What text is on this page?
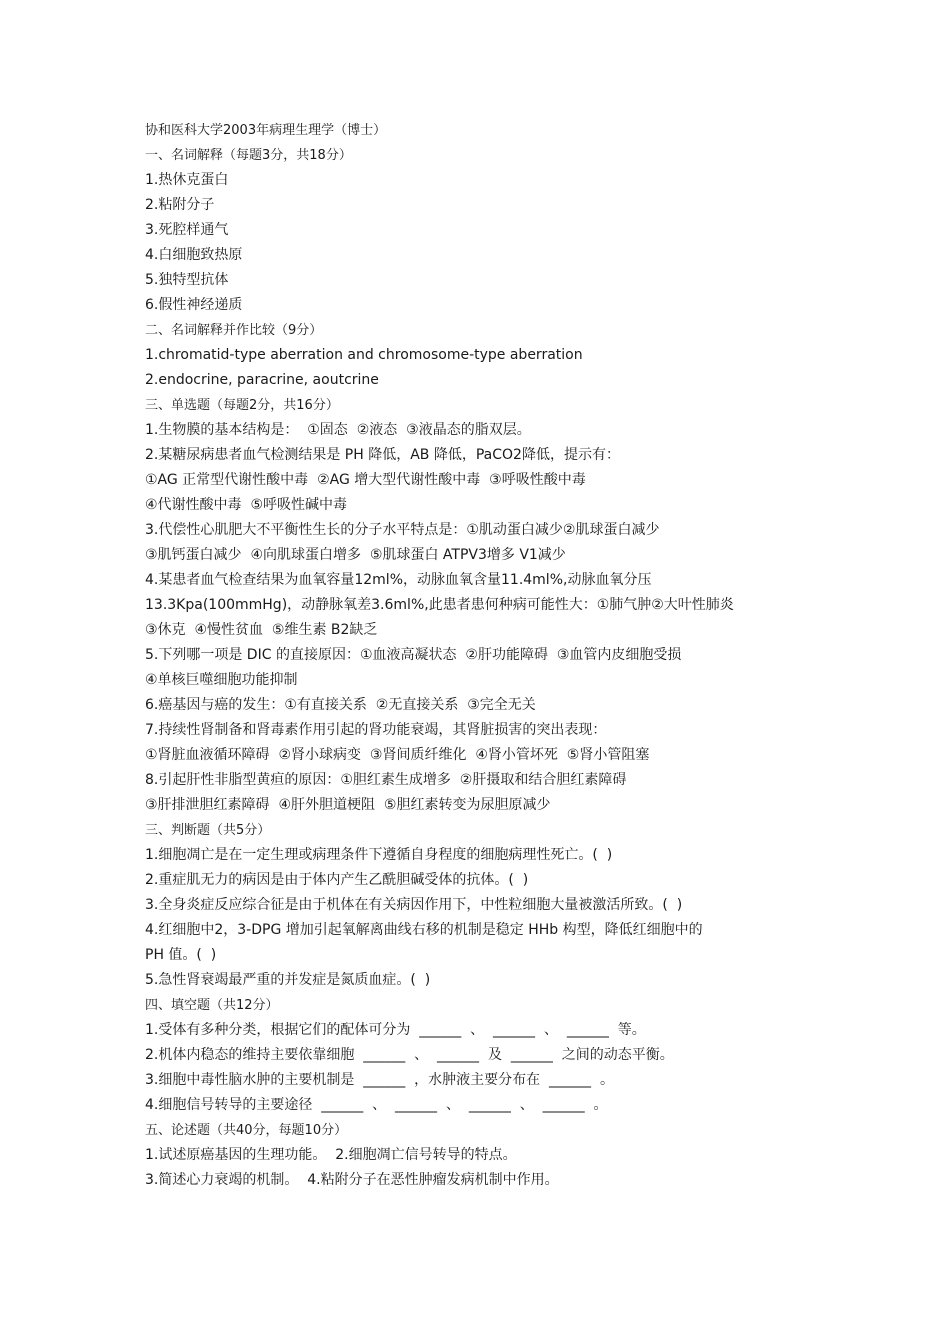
协和医科大学2003年病理生理学（博士）
一、名词解释（每题3分，共18分）
1.热休克蛋白
2.粘附分子
3.死腔样通气
4.白细胞致热原
5.独特型抗体
6.假性神经递质
二、名词解释并作比较（9分）
1.chromatid-type aberration and chromosome-type aberration
2.endocrine, paracrine, aoutcrine
三、单选题（每题2分，共16分）
1.生物膜的基本结构是：  ①固态  ②液态  ③液晶态的脂双层。
2.某糖尿病患者血气检测结果是 PH 降低，AB 降低，PaCO2降低，提示有：
①AG 正常型代谢性酸中毒  ②AG 增大型代谢性酸中毒  ③呼吸性酸中毒
④代谢性酸中毒  ⑤呼吸性碱中毒
3.代偿性心肌肥大不平衡性生长的分子水平特点是：①肌动蛋白减少②肌球蛋白减少
③肌钙蛋白减少  ④向肌球蛋白增多  ⑤肌球蛋白 ATPV3增多 V1减少
4.某患者血气检查结果为血氧容量12ml%，动脉血氧含量11.4ml%,动脉血氧分压
13.3Kpa(100mmHg)，动静脉氧差3.6ml%,此患者患何种病可能性大：①肺气肿②大叶性肺炎
③休克  ④慢性贫血  ⑤维生素 B2缺乏
5.下列哪一项是 DIC 的直接原因：①血液高凝状态  ②肝功能障碍  ③血管内皮细胞受损
④单核巨噬细胞功能抑制
6.癌基因与癌的发生：①有直接关系  ②无直接关系  ③完全无关
7.持续性肾制备和肾毒素作用引起的肾功能衰竭，其肾脏损害的突出表现：
①肾脏血液循环障碍  ②肾小球病变  ③肾间质纤维化  ④肾小管坏死  ⑤肾小管阻塞
8.引起肝性非脂型黄疸的原因：①胆红素生成增多  ②肝摄取和结合胆红素障碍
③肝排泄胆红素障碍  ④肝外胆道梗阻  ⑤胆红素转变为尿胆原减少
三、判断题（共5分）
1.细胞凋亡是在一定生理或病理条件下遵循自身程度的细胞病理性死亡。(  )
2.重症肌无力的病因是由于体内产生乙酰胆碱受体的抗体。(  )
3.全身炎症反应综合征是由于机体在有关病因作用下，中性粒细胞大量被激活所致。(  )
4.红细胞中2，3-DPG 增加引起氧解离曲线右移的机制是稳定 HHb 构型，降低红细胞中的
PH 值。(  )
5.急性肾衰竭最严重的并发症是氮质血症。(  )
四、填空题（共12分）
1.受体有多种分类，根据它们的配体可分为  ______  、  ______  、  ______  等。
2.机体内稳态的维持主要依靠细胞  ______  、  ______  及  ______  之间的动态平衡。
3.细胞中毒性脑水肿的主要机制是  ______  ，水肿液主要分布在  ______  。
4.细胞信号转导的主要途径  ______  、  ______  、  ______  、  ______  。
五、论述题（共40分，每题10分）
1.试述原癌基因的生理功能。  2.细胞凋亡信号转导的特点。
3.简述心力衰竭的机制。  4.粘附分子在恶性肿瘤发病机制中作用。
